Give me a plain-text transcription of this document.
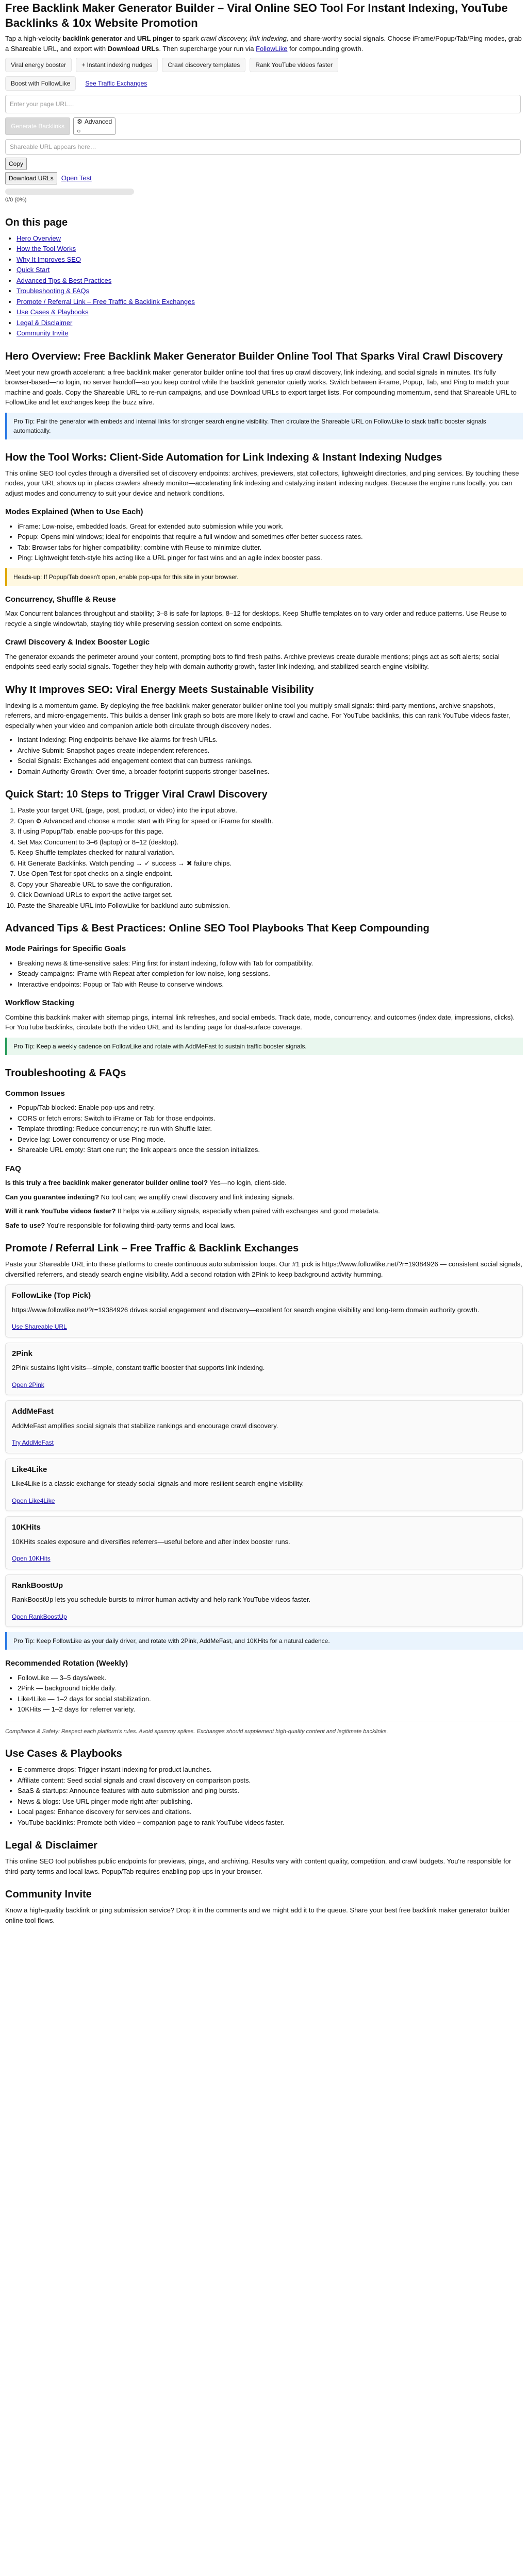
Free Backlink Maker Generator Builder – Viral Online SEO Tool For Instant Indexing, YouTube Backlinks & 10x Website Promotion

Tap a high-velocity backlink generator and URL pinger to spark crawl discovery, link indexing, and share-worthy social signals. Choose iFrame/Popup/Tab/Ping modes, grab a Shareable URL, and export with Download URLs. Then supercharge your run via FollowLike for compounding growth.

Viral energy booster	+ Instant indexing nudges	Crawl discovery templates	Rank YouTube videos faster
Boost with FollowLike	See Traffic Exchanges
Enter your page URL…
Generate Backlinks
⚙ Advanced
○
Shareable URL appears here…
Copy
Download URLs	Open Test
0/0 (0%)
On this page
• Hero Overview
• How the Tool Works
• Why It Improves SEO
• Quick Start
• Advanced Tips & Best Practices
• Troubleshooting & FAQs
• Promote / Referral Link – Free Traffic & Backlink Exchanges
• Use Cases & Playbooks
• Legal & Disclaimer
• Community Invite
Hero Overview: Free Backlink Maker Generator Builder Online Tool That Sparks Viral Crawl Discovery

Meet your new growth accelerant: a free backlink maker generator builder online tool that fires up crawl discovery, link indexing, and social signals in minutes. It's fully browser-based—no login, no server handoff—so you keep control while the backlink generator quietly works. Switch between iFrame, Popup, Tab, and Ping to match your machine and goals. Copy the Shareable URL to re-run campaigns, and use Download URLs to export target lists. For compounding momentum, send that Shareable URL to FollowLike and let exchanges keep the buzz alive.

Pro Tip: Pair the generator with embeds and internal links for stronger search engine visibility. Then circulate the Shareable URL on FollowLike to stack traffic booster signals automatically.
How the Tool Works: Client-Side Automation for Link Indexing & Instant Indexing Nudges

This online SEO tool cycles through a diversified set of discovery endpoints: archives, previewers, stat collectors, lightweight directories, and ping services. By touching these nodes, your URL shows up in places crawlers already monitor—accelerating link indexing and catalyzing instant indexing nudges. Because the engine runs locally, you can adjust modes and concurrency to suit your device and network conditions.

Modes Explained (When to Use Each)
• iFrame: Low-noise, embedded loads. Great for extended auto submission while you work.
• Popup: Opens mini windows; ideal for endpoints that require a full window and sometimes offer better success rates.
• Tab: Browser tabs for higher compatibility; combine with Reuse to minimize clutter.
• Ping: Lightweight fetch-style hits acting like a URL pinger for fast wins and an agile index booster pass.
Heads-up: If Popup/Tab doesn't open, enable pop-ups for this site in your browser.
Concurrency, Shuffle & Reuse

Max Concurrent balances throughput and stability; 3–8 is safe for laptops, 8–12 for desktops. Keep Shuffle templates on to vary order and reduce patterns. Use Reuse to recycle a single window/tab, staying tidy while preserving session context on some endpoints.

Crawl Discovery & Index Booster Logic

The generator expands the perimeter around your content, prompting bots to find fresh paths. Archive previews create durable mentions; pings act as soft alerts; social endpoints seed early social signals. Together they help with domain authority growth, faster link indexing, and stabilized search engine visibility.

Why It Improves SEO: Viral Energy Meets Sustainable Visibility

Indexing is a momentum game. By deploying the free backlink maker generator builder online tool you multiply small signals: third-party mentions, archive snapshots, referrers, and micro-engagements. This builds a denser link graph so bots are more likely to crawl and cache. For YouTube backlinks, this can rank YouTube videos faster, especially when your video and companion article both circulate through discovery nodes.

• Instant Indexing: Ping endpoints behave like alarms for fresh URLs.
• Archive Submit: Snapshot pages create independent references.
• Social Signals: Exchanges add engagement context that can buttress rankings.
• Domain Authority Growth: Over time, a broader footprint supports stronger baselines.
Quick Start: 10 Steps to Trigger Viral Crawl Discovery
1. Paste your target URL (page, post, product, or video) into the input above.
2. Open ⚙ Advanced and choose a mode: start with Ping for speed or iFrame for stealth.
3. If using Popup/Tab, enable pop-ups for this page.
4. Set Max Concurrent to 3–6 (laptop) or 8–12 (desktop).
5. Keep Shuffle templates checked for natural variation.
6. Hit Generate Backlinks. Watch pending → ✓ success → ✖ failure chips.
7. Use Open Test for spot checks on a single endpoint.
8. Copy your Shareable URL to save the configuration.
9. Click Download URLs to export the active target set.
10. Paste the Shareable URL into FollowLike for backlund auto submission.
Advanced Tips & Best Practices: Online SEO Tool Playbooks That Keep Compounding
Mode Pairings for Specific Goals
• Breaking news & time-sensitive sales: Ping first for instant indexing, follow with Tab for compatibility.
• Steady campaigns: iFrame with Repeat after completion for low-noise, long sessions.
• Interactive endpoints: Popup or Tab with Reuse to conserve windows.
Workflow Stacking

Combine this backlink maker with sitemap pings, internal link refreshes, and social embeds. Track date, mode, concurrency, and outcomes (index date, impressions, clicks). For YouTube backlinks, circulate both the video URL and its landing page for dual-surface coverage.

Pro Tip: Keep a weekly cadence on FollowLike and rotate with AddMeFast to sustain traffic booster signals.
Troubleshooting & FAQs
Common Issues
• Popup/Tab blocked: Enable pop-ups and retry.
• CORS or fetch errors: Switch to iFrame or Tab for those endpoints.
• Template throttling: Reduce concurrency; re-run with Shuffle later.
• Device lag: Lower concurrency or use Ping mode.
• Shareable URL empty: Start one run; the link appears once the session initializes.
FAQ

Is this truly a free backlink maker generator builder online tool? Yes—no login, client-side.

Can you guarantee indexing? No tool can; we amplify crawl discovery and link indexing signals.

Will it rank YouTube videos faster? It helps via auxiliary signals, especially when paired with exchanges and good metadata.

Safe to use? You're responsible for following third-party terms and local laws.

Promote / Referral Link – Free Traffic & Backlink Exchanges

Paste your Shareable URL into these platforms to create continuous auto submission loops. Our #1 pick is https://www.followlike.net/?r=19384926 — consistent social signals, diversified referrers, and steady search engine visibility. Add a second rotation with 2Pink to keep background activity humming.

FollowLike (Top Pick)

https://www.followlike.net/?r=19384926 drives social engagement and discovery—excellent for search engine visibility and long-term domain authority growth.

Use Shareable URL
2Pink

2Pink sustains light visits—simple, constant traffic booster that supports link indexing.

Open 2Pink
AddMeFast

AddMeFast amplifies social signals that stabilize rankings and encourage crawl discovery.

Try AddMeFast
Like4Like

Like4Like is a classic exchange for steady social signals and more resilient search engine visibility.

Open Like4Like
10KHits

10KHits scales exposure and diversifies referrers—useful before and after index booster runs.

Open 10KHits
RankBoostUp

RankBoostUp lets you schedule bursts to mirror human activity and help rank YouTube videos faster.

Open RankBoostUp
Pro Tip: Keep FollowLike as your daily driver, and rotate with 2Pink, AddMeFast, and 10KHits for a natural cadence.
Recommended Rotation (Weekly)
• FollowLike — 3–5 days/week.
• 2Pink — background trickle daily.
• Like4Like — 1–2 days for social stabilization.
• 10KHits — 1–2 days for referrer variety.

Compliance & Safety: Respect each platform's rules. Avoid spammy spikes. Exchanges should supplement high-quality content and legitimate backlinks.

Use Cases & Playbooks
• E-commerce drops: Trigger instant indexing for product launches.
• Affiliate content: Seed social signals and crawl discovery on comparison posts.
• SaaS & startups: Announce features with auto submission and ping bursts.
• News & blogs: Use URL pinger mode right after publishing.
• Local pages: Enhance discovery for services and citations.
• YouTube backlinks: Promote both video + companion page to rank YouTube videos faster.
Legal & Disclaimer

This online SEO tool publishes public endpoints for previews, pings, and archiving. Results vary with content quality, competition, and crawl budgets. You're responsible for third-party terms and local laws. Popup/Tab requires enabling pop-ups in your browser.

Community Invite

Know a high-quality backlink or ping submission service? Drop it in the comments and we might add it to the queue. Share your best free backlink maker generator builder online tool flows.
